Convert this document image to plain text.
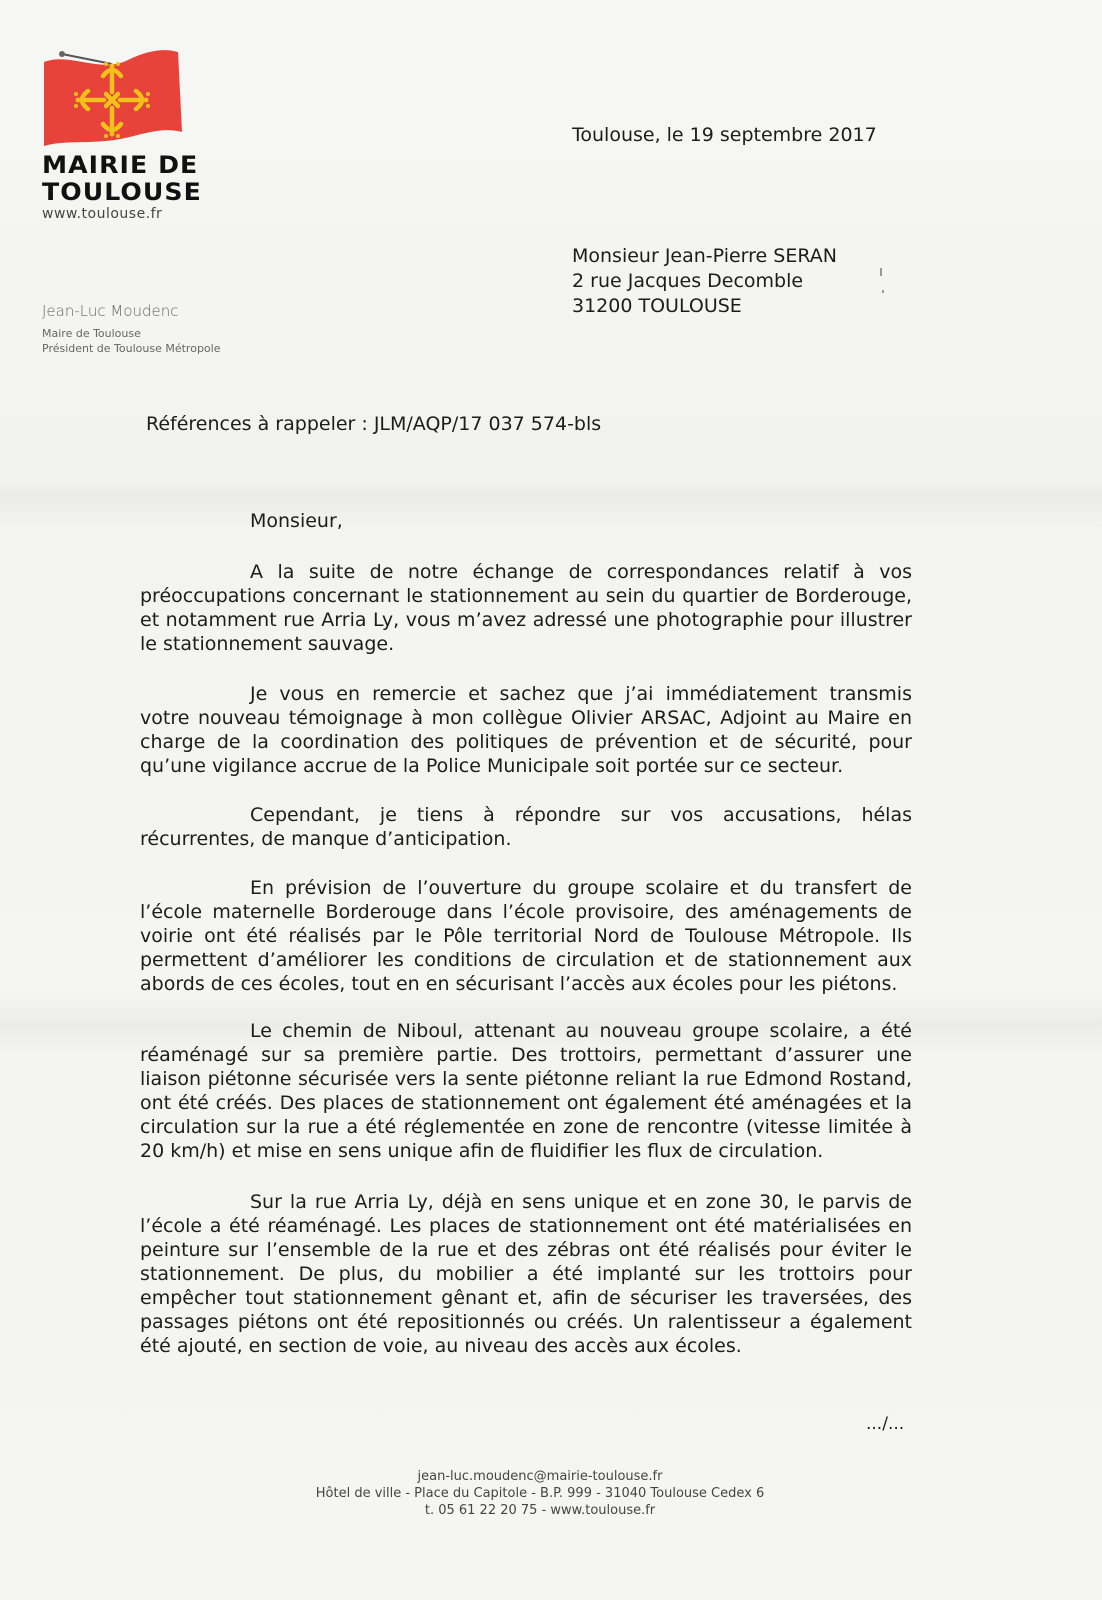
MAIRIE DE
TOULOUSE
www.toulouse.fr
Jean-Luc Moudenc
Maire de Toulouse
Président de Toulouse Métropole
Toulouse, le 19 septembre 2017
Monsieur Jean-Pierre SERAN
2 rue Jacques Decomble
31200 TOULOUSE
Références à rappeler : JLM/AQP/17 037 574-bls
Monsieur,
A la suite de notre échange de correspondances relatif à vos préoccupations concernant le stationnement au sein du quartier de Borderouge, et notamment rue Arria Ly, vous m’avez adressé une photographie pour illustrer le stationnement sauvage.
Je vous en remercie et sachez que j’ai immédiatement transmis votre nouveau témoignage à mon collègue Olivier ARSAC, Adjoint au Maire en charge de la coordination des politiques de prévention et de sécurité, pour qu’une vigilance accrue de la Police Municipale soit portée sur ce secteur.
Cependant, je tiens à répondre sur vos accusations, hélas récurrentes, de manque d’anticipation.
En prévision de l’ouverture du groupe scolaire et du transfert de l’école maternelle Borderouge dans l’école provisoire, des aménagements de voirie ont été réalisés par le Pôle territorial Nord de Toulouse Métropole. Ils permettent d’améliorer les conditions de circulation et de stationnement aux abords de ces écoles, tout en en sécurisant l’accès aux écoles pour les piétons.
Le chemin de Niboul, attenant au nouveau groupe scolaire, a été réaménagé sur sa première partie. Des trottoirs, permettant d’assurer une liaison piétonne sécurisée vers la sente piétonne reliant la rue Edmond Rostand, ont été créés. Des places de stationnement ont également été aménagées et la circulation sur la rue a été réglementée en zone de rencontre (vitesse limitée à 20 km/h) et mise en sens unique afin de fluidifier les flux de circulation.
Sur la rue Arria Ly, déjà en sens unique et en zone 30, le parvis de l’école a été réaménagé. Les places de stationnement ont été matérialisées en peinture sur l’ensemble de la rue et des zébras ont été réalisés pour éviter le stationnement. De plus, du mobilier a été implanté sur les trottoirs pour empêcher tout stationnement gênant et, afin de sécuriser les traversées, des passages piétons ont été repositionnés ou créés. Un ralentisseur a également été ajouté, en section de voie, au niveau des accès aux écoles.
.../...
jean-luc.moudenc@mairie-toulouse.fr
Hôtel de ville - Place du Capitole - B.P. 999 - 31040 Toulouse Cedex 6
t. 05 61 22 20 75 - www.toulouse.fr
